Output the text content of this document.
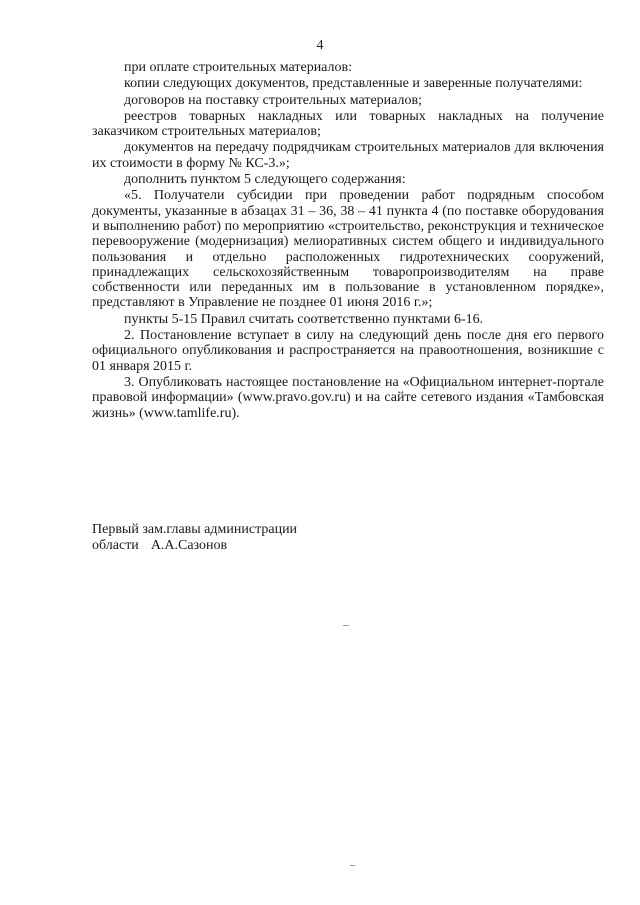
4

при оплате строительных материалов:

копии следующих документов, представленные и заверенные получателями:

договоров на поставку строительных материалов;

реестров товарных накладных или товарных накладных на получение заказчиком строительных материалов;

документов на передачу подрядчикам строительных материалов для включения их стоимости в форму № КС-3.»;

дополнить пунктом 5 следующего содержания:

«5. Получатели субсидии при проведении работ подрядным способом документы, указанные в абзацах 31 – 36, 38 – 41 пункта 4 (по поставке оборудования и выполнению работ) по мероприятию «строительство, реконструкция и техническое перевооружение (модернизация) мелиоративных систем общего и индивидуального пользования и отдельно расположенных гидротехнических сооружений, принадлежащих сельскохозяйственным товаропроизводителям на праве собственности или переданных им в пользование в установленном порядке», представляют в Управление не позднее 01 июня 2016 г.»;

пункты 5-15 Правил считать соответственно пунктами 6-16.

2. Постановление вступает в силу на следующий день после дня его первого официального опубликования и распространяется на правоотношения, возникшие с 01 января 2015 г.

3. Опубликовать настоящее постановление на «Официальном интернет-портале правовой информации» (www.pravo.gov.ru) и на сайте сетевого издания «Тамбовская жизнь» (www.tamlife.ru).

Первый зам.главы администрации
области А.А.Сазонов
